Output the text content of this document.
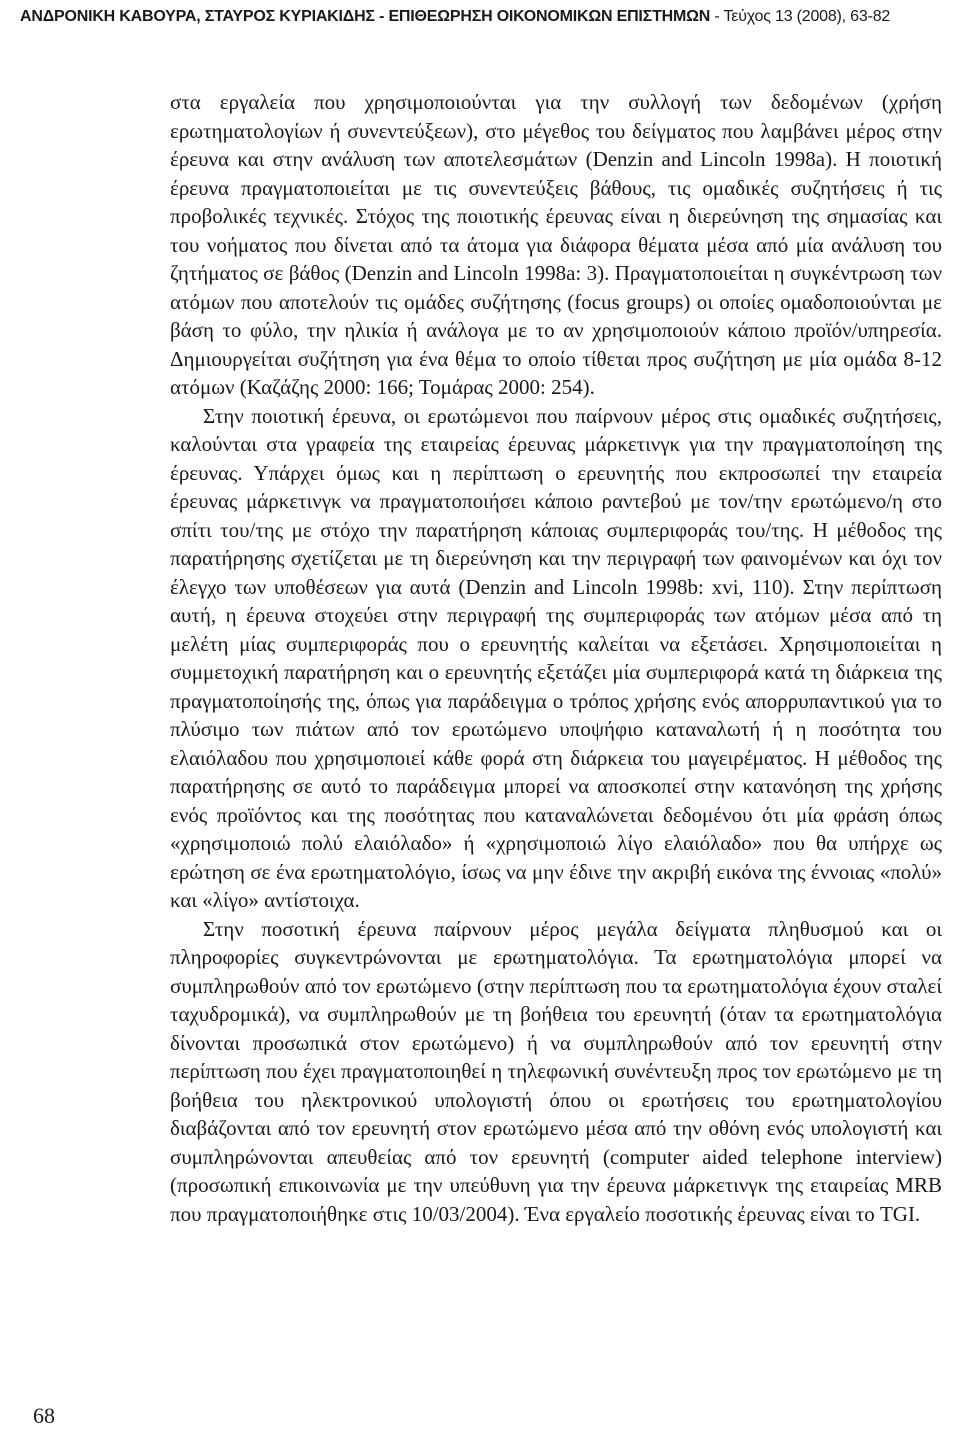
ΑΝΔΡΟΝΙΚΗ ΚΑΒΟΥΡΑ, ΣΤΑΥΡΟΣ ΚΥΡΙΑΚΙΔΗΣ - ΕΠΙΘΕΩΡΗΣΗ ΟΙΚΟΝΟΜΙΚΩΝ ΕΠΙΣΤΗΜΩΝ - Τεύχος 13 (2008), 63-82

στα εργαλεία που χρησιμοποιούνται για την συλλογή των δεδομένων (χρήση ερωτηματολογίων ή συνεντεύξεων), στο μέγεθος του δείγματος που λαμβάνει μέρος στην έρευνα και στην ανάλυση των αποτελεσμάτων (Denzin and Lincoln 1998a). Η ποιοτική έρευνα πραγματοποιείται με τις συνεντεύξεις βάθους, τις ομαδικές συζητήσεις ή τις προβολικές τεχνικές. Στόχος της ποιοτικής έρευνας είναι η διερεύνηση της σημασίας και του νοήματος που δίνεται από τα άτομα για διάφορα θέματα μέσα από μία ανάλυση του ζητήματος σε βάθος (Denzin and Lincoln 1998a: 3). Πραγματοποιείται η συγκέντρωση των ατόμων που αποτελούν τις ομάδες συζήτησης (focus groups) οι οποίες ομαδοποιούνται με βάση το φύλο, την ηλικία ή ανάλογα με το αν χρησιμοποιούν κάποιο προϊόν/υπηρεσία. Δημιουργείται συζήτηση για ένα θέμα το οποίο τίθεται προς συζήτηση με μία ομάδα 8-12 ατόμων (Καζάζης 2000: 166; Τομάρας 2000: 254).

Στην ποιοτική έρευνα, οι ερωτώμενοι που παίρνουν μέρος στις ομαδικές συζητήσεις, καλούνται στα γραφεία της εταιρείας έρευνας μάρκετινγκ για την πραγματοποίηση της έρευνας. Υπάρχει όμως και η περίπτωση ο ερευνητής που εκπροσωπεί την εταιρεία έρευνας μάρκετινγκ να πραγματοποιήσει κάποιο ραντεβού με τον/την ερωτώμενο/η στο σπίτι του/της με στόχο την παρατήρηση κάποιας συμπεριφοράς του/της. Η μέθοδος της παρατήρησης σχετίζεται με τη διερεύνηση και την περιγραφή των φαινομένων και όχι τον έλεγχο των υποθέσεων για αυτά (Denzin and Lincoln 1998b: xvi, 110). Στην περίπτωση αυτή, η έρευνα στοχεύει στην περιγραφή της συμπεριφοράς των ατόμων μέσα από τη μελέτη μίας συμπεριφοράς που ο ερευνητής καλείται να εξετάσει. Χρησιμοποιείται η συμμετοχική παρατήρηση και ο ερευνητής εξετάζει μία συμπεριφορά κατά τη διάρκεια της πραγματοποίησής της, όπως για παράδειγμα ο τρόπος χρήσης ενός απορρυπαντικού για το πλύσιμο των πιάτων από τον ερωτώμενο υποψήφιο καταναλωτή ή η ποσότητα του ελαιόλαδου που χρησιμοποιεί κάθε φορά στη διάρκεια του μαγειρέματος. Η μέθοδος της παρατήρησης σε αυτό το παράδειγμα μπορεί να αποσκοπεί στην κατανόηση της χρήσης ενός προϊόντος και της ποσότητας που καταναλώνεται δεδομένου ότι μία φράση όπως «χρησιμοποιώ πολύ ελαιόλαδο» ή «χρησιμοποιώ λίγο ελαιόλαδο» που θα υπήρχε ως ερώτηση σε ένα ερωτηματολόγιο, ίσως να μην έδινε την ακριβή εικόνα της έννοιας «πολύ» και «λίγο» αντίστοιχα.

Στην ποσοτική έρευνα παίρνουν μέρος μεγάλα δείγματα πληθυσμού και οι πληροφορίες συγκεντρώνονται με ερωτηματολόγια. Τα ερωτηματολόγια μπορεί να συμπληρωθούν από τον ερωτώμενο (στην περίπτωση που τα ερωτηματολόγια έχουν σταλεί ταχυδρομικά), να συμπληρωθούν με τη βοήθεια του ερευνητή (όταν τα ερωτηματολόγια δίνονται προσωπικά στον ερωτώμενο) ή να συμπληρωθούν από τον ερευνητή στην περίπτωση που έχει πραγματοποιηθεί η τηλεφωνική συνέντευξη προς τον ερωτώμενο με τη βοήθεια του ηλεκτρονικού υπολογιστή όπου οι ερωτήσεις του ερωτηματολογίου διαβάζονται από τον ερευνητή στον ερωτώμενο μέσα από την οθόνη ενός υπολογιστή και συμπληρώνονται απευθείας από τον ερευνητή (computer aided telephone interview) (προσωπική επικοινωνία με την υπεύθυνη για την έρευνα μάρκετινγκ της εταιρείας MRB που πραγματοποιήθηκε στις 10/03/2004). Ένα εργαλείο ποσοτικής έρευνας είναι το TGI.

68
